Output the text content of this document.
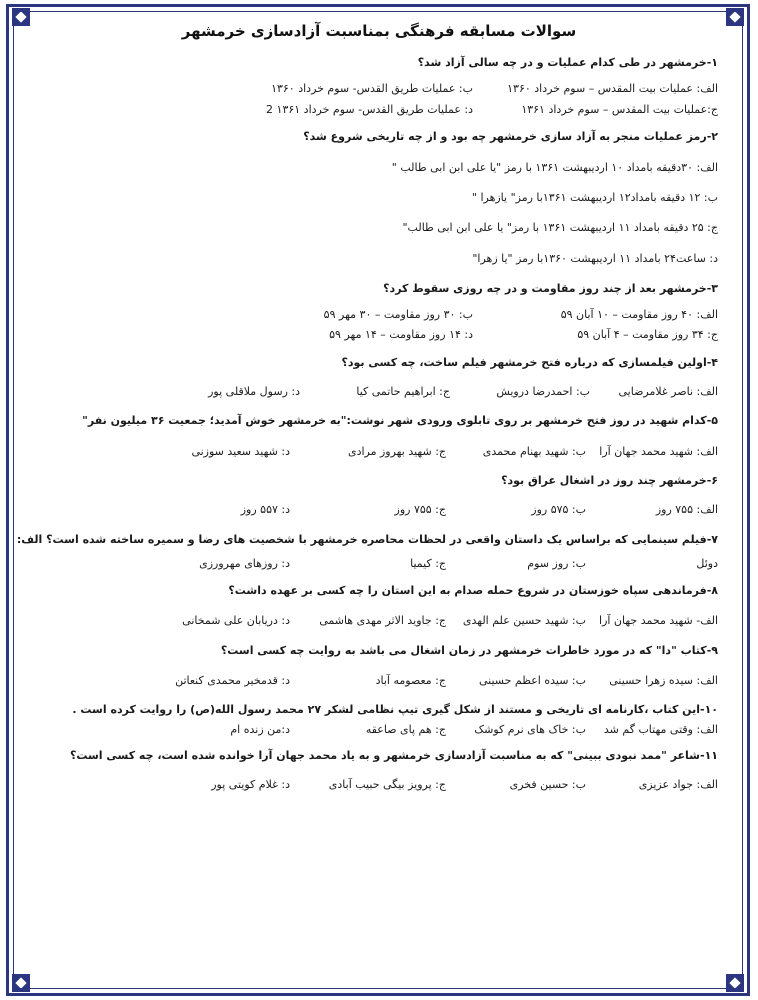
سوالات مسابقه فرهنگی بمناسبت آزادسازی خرمشهر
۱-خرمشهر در طی کدام عملیات و در چه سالی آزاد شد؟
الف: عملیات بیت المقدس – سوم خرداد ۱۳۶۰
ب: عملیات طریق القدس- سوم خرداد ۱۳۶۰
ج:عملیات بیت المقدس – سوم خرداد ۱۳۶۱
د: عملیات طریق القدس- سوم خرداد ۱۳۶۱ 2
۲-رمز عملیات منجر به آزاد سازی خرمشهر چه بود و از چه تاریخی شروع شد؟
الف: ۳۰دقیقه بامداد ۱۰ اردیبهشت ۱۳۶۱ با رمز "یا علی ابن ابی طالب "
ب: ۱۲ دقیقه بامداد۱۲ اردیبهشت ۱۳۶۱با رمز" یازهرا "
ج: ۲۵ دقیقه بامداد ۱۱ اردیبهشت ۱۳۶۱ با رمز" یا علی ابن ابی طالب"
د: ساعت۲۴ بامداد ۱۱ اردیبهشت ۱۳۶۰با رمز "یا زهرا"
۳-خرمشهر بعد از چند روز مقاومت و در چه روزی سقوط کرد؟
الف: ۴۰ روز مقاومت – ۱۰ آبان ۵۹
ب: ۳۰ روز مقاومت – ۳۰ مهر ۵۹
ج: ۳۴ روز مقاومت – ۴ آبان ۵۹
د: ۱۴ روز مقاومت – ۱۴ مهر ۵۹
۴-اولین فیلمسازی که درباره فتح خرمشهر فیلم ساخت، چه کسی بود؟
الف: ناصر غلامرضایی
ب: احمدرضا درویش
ج: ابراهیم حاتمی کیا
د: رسول ملاقلی پور
۵-کدام شهید در روز فتح خرمشهر بر روی تابلوی ورودی شهر نوشت:"به خرمشهر خوش آمدید؛ جمعیت ۳۶ میلیون نفر"
الف: شهید محمد جهان آرا
ب: شهید بهنام محمدی
ج: شهید بهروز مرادی
د: شهید سعید سوزنی
۶-خرمشهر چند روز در اشغال عراق بود؟
الف: ۷۵۵ روز
ب: ۵۷۵ روز
ج: ۷۵۵ روز
د: ۵۵۷ روز
۷-فیلم سینمایی که براساس یک داستان واقعی در لحظات محاصره خرمشهر با شخصیت های رضا و سمیره ساخته شده است؟ الف:
دوئل
ب: روز سوم
ج: کیمیا
د: روزهای مهرورزی
۸-فرماندهی سپاه خوزستان در شروع حمله صدام به این استان را چه کسی بر عهده داشت؟
الف- شهید محمد جهان آرا
ب: شهید حسین علم الهدی
ج: جاوید الاثر مهدی هاشمی
د: دریابان علی شمخانی
۹-کتاب "دا" که در مورد خاطرات خرمشهر در زمان اشغال می باشد به روایت چه کسی است؟
الف: سیده زهرا حسینی
ب: سیده اعظم حسینی
ج: معصومه آباد
د: قدمخیر محمدی کنعاتن
۱۰-این کتاب ،کارنامه ای تاریخی و مستند از شکل گیری تیپ نظامی لشکر ۲۷ محمد رسول الله(ص) را روایت کرده است .
الف: وقتی مهتاب گم شد
ب: خاک های نرم کوشک
ج: هم پای صاعقه
د:من زنده ام
۱۱-شاعر "ممد نبودی ببینی" که به مناسبت آزادسازی خرمشهر و به یاد محمد جهان آرا خوانده شده است، چه کسی است؟
الف: جواد عزیزی
ب: حسین فخری
ج: پرویز بیگی حبیب آبادی
د: غلام کویتی پور
